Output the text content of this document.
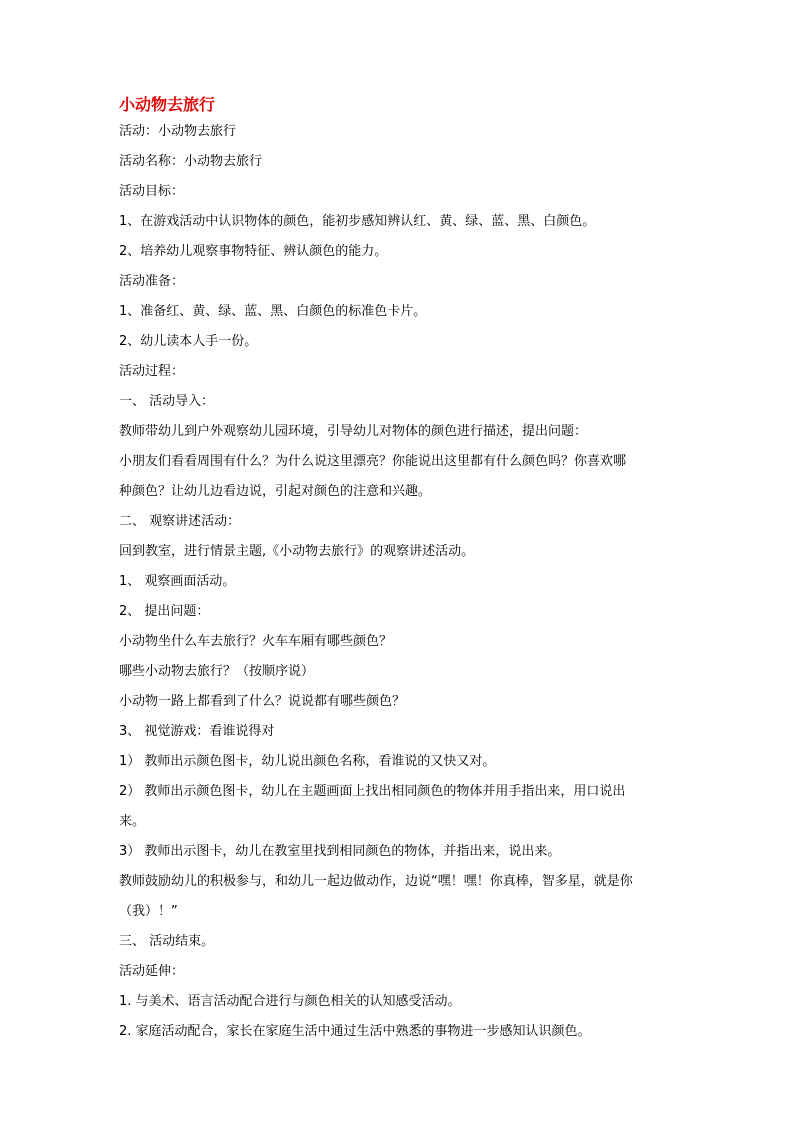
小动物去旅行
活动：小动物去旅行
活动名称：小动物去旅行
活动目标：
1、在游戏活动中认识物体的颜色，能初步感知辨认红、黄、绿、蓝、黑、白颜色。
2、培养幼儿观察事物特征、辨认颜色的能力。
活动准备：
1、准备红、黄、绿、蓝、黑、白颜色的标准色卡片。
2、幼儿读本人手一份。
活动过程：
一、 活动导入：
教师带幼儿到户外观察幼儿园环境，引导幼儿对物体的颜色进行描述，提出问题：
小朋友们看看周围有什么？为什么说这里漂亮？你能说出这里都有什么颜色吗？你喜欢哪
种颜色？让幼儿边看边说，引起对颜色的注意和兴趣。
二、 观察讲述活动：
回到教室，进行情景主题,《小动物去旅行》的观察讲述活动。
1、 观察画面活动。
2、 提出问题：
小动物坐什么车去旅行？火车车厢有哪些颜色？
哪些小动物去旅行？（按顺序说）
小动物一路上都看到了什么？说说都有哪些颜色？
3、 视觉游戏：看谁说得对
1） 教师出示颜色图卡，幼儿说出颜色名称，看谁说的又快又对。
2） 教师出示颜色图卡，幼儿在主题画面上找出相同颜色的物体并用手指出来，用口说出
来。
3） 教师出示图卡，幼儿在教室里找到相同颜色的物体，并指出来，说出来。
教师鼓励幼儿的积极参与，和幼儿一起边做动作，边说“嘿！嘿！你真棒，智多星，就是你
（我）！”
三、 活动结束。
活动延伸：
1. 与美术、语言活动配合进行与颜色相关的认知感受活动。
2. 家庭活动配合，家长在家庭生活中通过生活中熟悉的事物进一步感知认识颜色。
